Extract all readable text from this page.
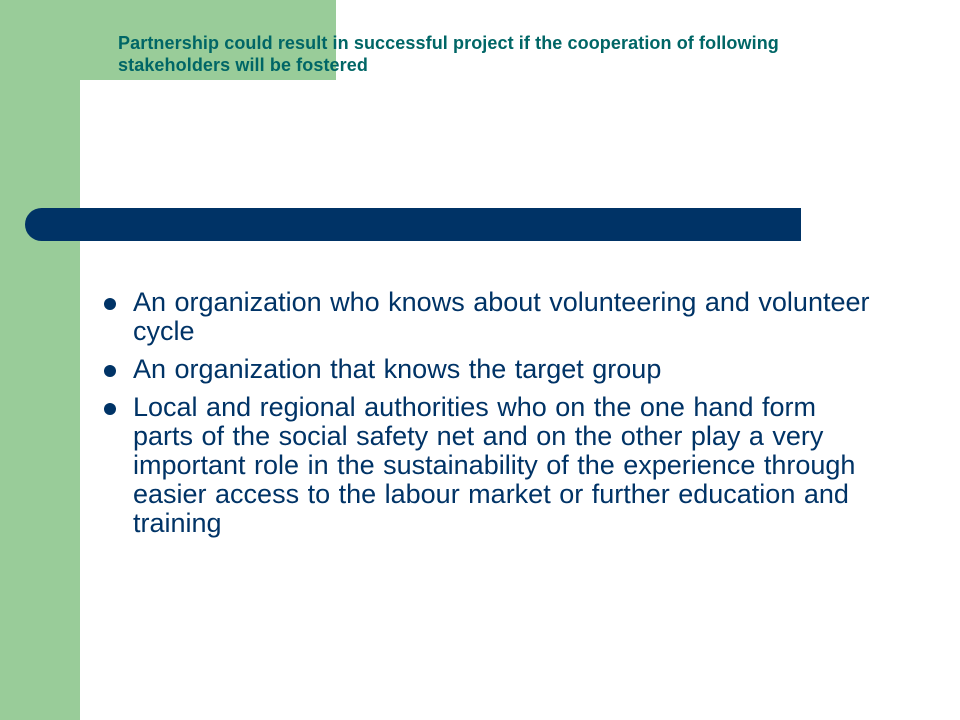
Partnership could result in successful project if the cooperation of following stakeholders will be fostered
An organization who knows about volunteering and volunteer cycle
An organization that knows the target group
Local and regional authorities who on the one hand form parts of the social safety net and on the other play a very important role in the sustainability of the experience through easier access to the labour market or further education and training
